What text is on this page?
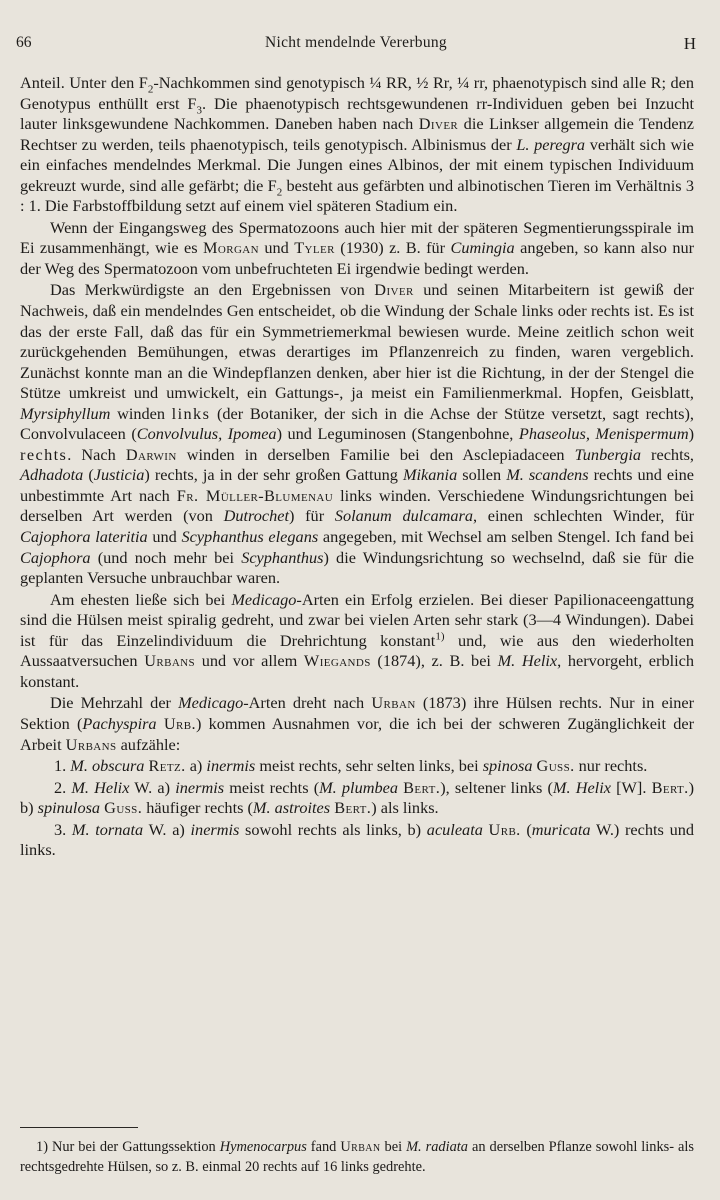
66	Nicht mendelnde Vererbung	H

Anteil. Unter den $F_2$-Nachkommen sind genotypisch ¼ RR, ½ Rr, ¼ rr, phaenotypisch sind alle R; den Genotypus enthüllt erst $F_3$. Die phaenotypisch rechtsgewundenen rr-Individuen geben bei Inzucht lauter linksgewundene Nachkommen. Daneben haben nach Diver die Linkser allgemein die Tendenz Rechtser zu werden, teils phaenotypisch, teils genotypisch. Albinismus der L. peregra verhält sich wie ein einfaches mendelndes Merkmal. Die Jungen eines Albinos, der mit einem typischen Individuum gekreuzt wurde, sind alle gefärbt; die $F_2$ besteht aus gefärbten und albinotischen Tieren im Verhältnis 3 : 1. Die Farbstoffbildung setzt auf einem viel späteren Stadium ein.

Wenn der Eingangsweg des Spermatozoons auch hier mit der späteren Segmentierungsspirale im Ei zusammenhängt, wie es Morgan und Tyler (1930) z. B. für Cumingia angeben, so kann also nur der Weg des Spermatozoon vom unbefruchteten Ei irgendwie bedingt werden.

Das Merkwürdigste an den Ergebnissen von Diver und seinen Mitarbeitern ist gewiß der Nachweis, daß ein mendelndes Gen entscheidet, ob die Windung der Schale links oder rechts ist. Es ist das der erste Fall, daß das für ein Symmetriemerkmal bewiesen wurde. Meine zeitlich schon weit zurückgehenden Bemühungen, etwas derartiges im Pflanzenreich zu finden, waren vergeblich. Zunächst konnte man an die Windepflanzen denken, aber hier ist die Richtung, in der der Stengel die Stütze umkreist und umwickelt, ein Gattungs-, ja meist ein Familienmerkmal. Hopfen, Geisblatt, Myrsiphyllum winden links (der Botaniker, der sich in die Achse der Stütze versetzt, sagt rechts), Convolvulaceen (Convolvulus, Ipomea) und Leguminosen (Stangenbohne, Phaseolus, Menispermum) rechts. Nach Darwin winden in derselben Familie bei den Asclepiadaceen Tunbergia rechts, Adhadota (Justicia) rechts, ja in der sehr großen Gattung Mikania sollen M. scandens rechts und eine unbestimmte Art nach Fr. Müller-Blumenau links winden. Verschiedene Windungsrichtungen bei derselben Art werden (von Dutrochet) für Solanum dulcamara, einen schlechten Winder, für Cajophora lateritia und Scyphanthus elegans angegeben, mit Wechsel am selben Stengel. Ich fand bei Cajophora (und noch mehr bei Scyphanthus) die Windungsrichtung so wechselnd, daß sie für die geplanten Versuche unbrauchbar waren.

Am ehesten ließe sich bei Medicago-Arten ein Erfolg erzielen. Bei dieser Papilionaceengattung sind die Hülsen meist spiralig gedreht, und zwar bei vielen Arten sehr stark (3—4 Windungen). Dabei ist für das Einzelindividuum die Drehrichtung konstant$^{1)}$ und, wie aus den wiederholten Aussaatversuchen Urbans und vor allem Wiegands (1874), z. B. bei M. Helix, hervorgeht, erblich konstant.

Die Mehrzahl der Medicago-Arten dreht nach Urban (1873) ihre Hülsen rechts. Nur in einer Sektion (Pachyspira Urb.) kommen Ausnahmen vor, die ich bei der schweren Zugänglichkeit der Arbeit Urbans aufzähle:

1. M. obscura Retz. a) inermis meist rechts, sehr selten links, bei spinosa Guss. nur rechts.

2. M. Helix W. a) inermis meist rechts (M. plumbea Bert.), seltener links (M. Helix [W]. Bert.) b) spinulosa Guss. häufiger rechts (M. astroites Bert.) als links.

3. M. tornata W. a) inermis sowohl rechts als links, b) aculeata Urb. (muricata W.) rechts und links.

1) Nur bei der Gattungssektion Hymenocarpus fand Urban bei M. radiata an derselben Pflanze sowohl links- als rechtsgedrehte Hülsen, so z. B. einmal 20 rechts auf 16 links gedrehte.
